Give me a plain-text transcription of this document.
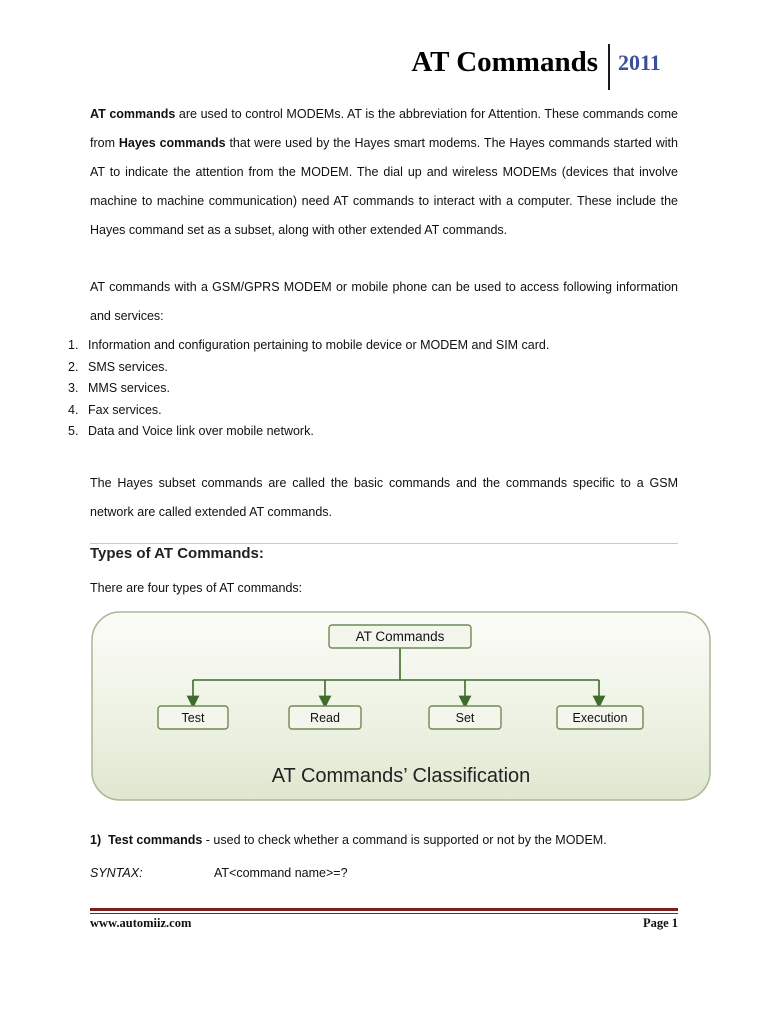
AT Commands 2011

AT commands are used to control MODEMs. AT is the abbreviation for Attention. These commands come from Hayes commands that were used by the Hayes smart modems. The Hayes commands started with AT to indicate the attention from the MODEM. The dial up and wireless MODEMs (devices that involve machine to machine communication) need AT commands to interact with a computer. These include the Hayes command set as a subset, along with other extended AT commands.

AT commands with a GSM/GPRS MODEM or mobile phone can be used to access following information and services:

1. Information and configuration pertaining to mobile device or MODEM and SIM card.
2. SMS services.
3. MMS services.
4. Fax services.
5. Data and Voice link over mobile network.

The Hayes subset commands are called the basic commands and the commands specific to a GSM network are called extended AT commands.

Types of AT Commands:
There are four types of AT commands:
AT Commands
Test	Read	Set	Execution
AT Commands’ Classification
1) Test commands - used to check whether a command is supported or not by the MODEM.
SYNTAX:	AT<command name>=?
www.automiiz.com	Page 1
